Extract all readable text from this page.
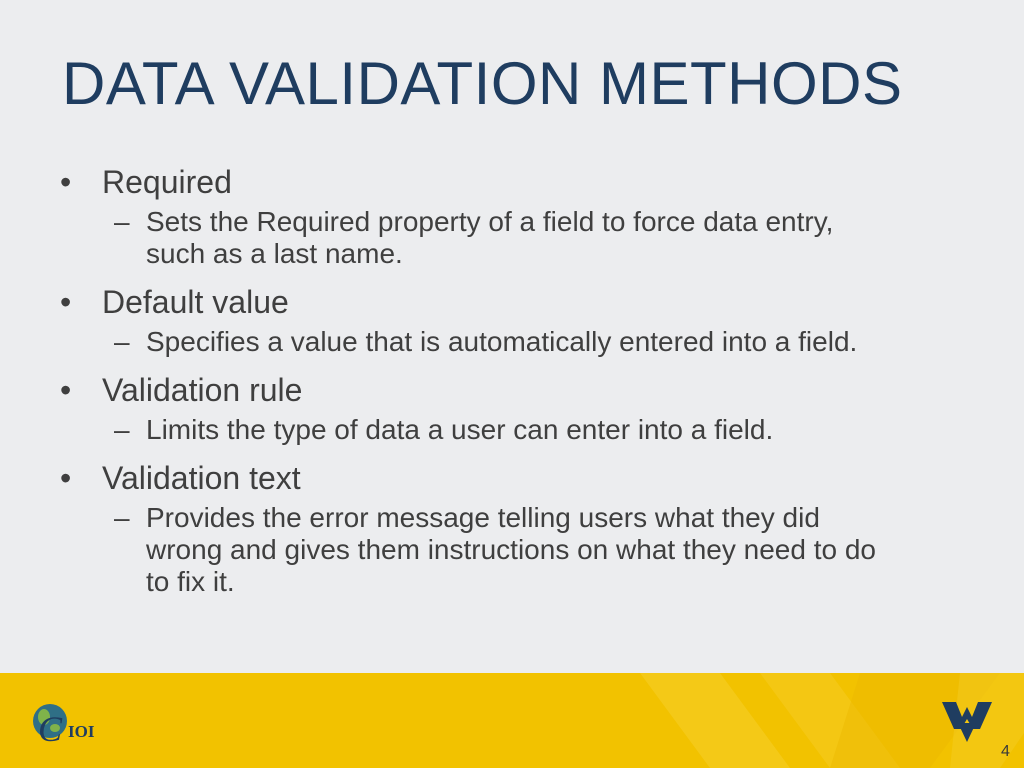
DATA VALIDATION METHODS
• Required
– Sets the Required property of a field to force data entry, such as a last name.
• Default value
– Specifies a value that is automatically entered into a field.
• Validation rule
– Limits the type of data a user can enter into a field.
• Validation text
– Provides the error message telling users what they did wrong and gives them instructions on what they need to do to fix it.
C IOI
4
